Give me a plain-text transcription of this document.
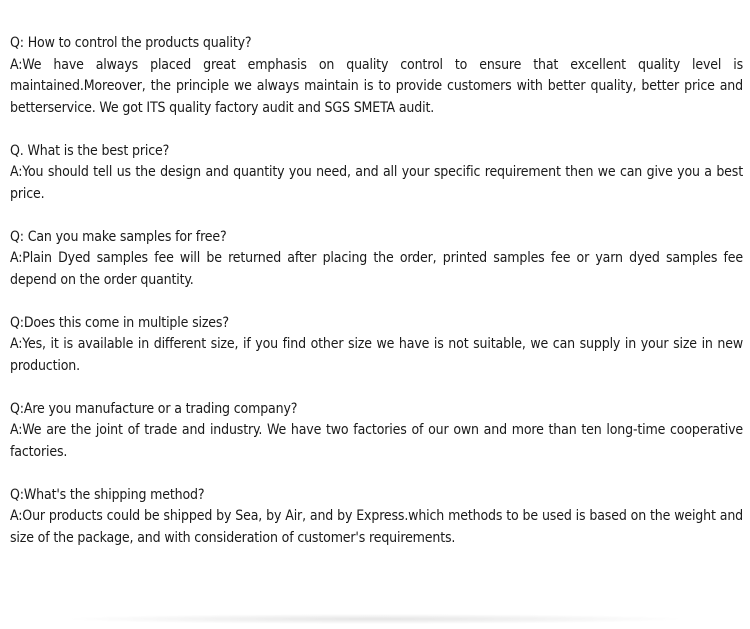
Q: How to control the products quality?

A:We have always placed great emphasis on quality control to ensure that excellent quality level is maintained.Moreover, the principle we always maintain is to provide customers with better quality, better price and betterservice. We got ITS quality factory audit and SGS SMETA audit.

Q. What is the best price?

A:You should tell us the design and quantity you need, and all your specific requirement then we can give you a best price.

Q: Can you make samples for free?

A:Plain Dyed samples fee will be returned after placing the order, printed samples fee or yarn dyed samples fee depend on the order quantity.

Q:Does this come in multiple sizes?

A:Yes, it is available in different size, if you find other size we have is not suitable, we can supply in your size in new production.

Q:Are you manufacture or a trading company?

A:We are the joint of trade and industry. We have two factories of our own and more than ten long-time cooperative factories.

Q:What's the shipping method?

A:Our products could be shipped by Sea, by Air, and by Express.which methods to be used is based on the weight and size of the package, and with consideration of customer's requirements.
